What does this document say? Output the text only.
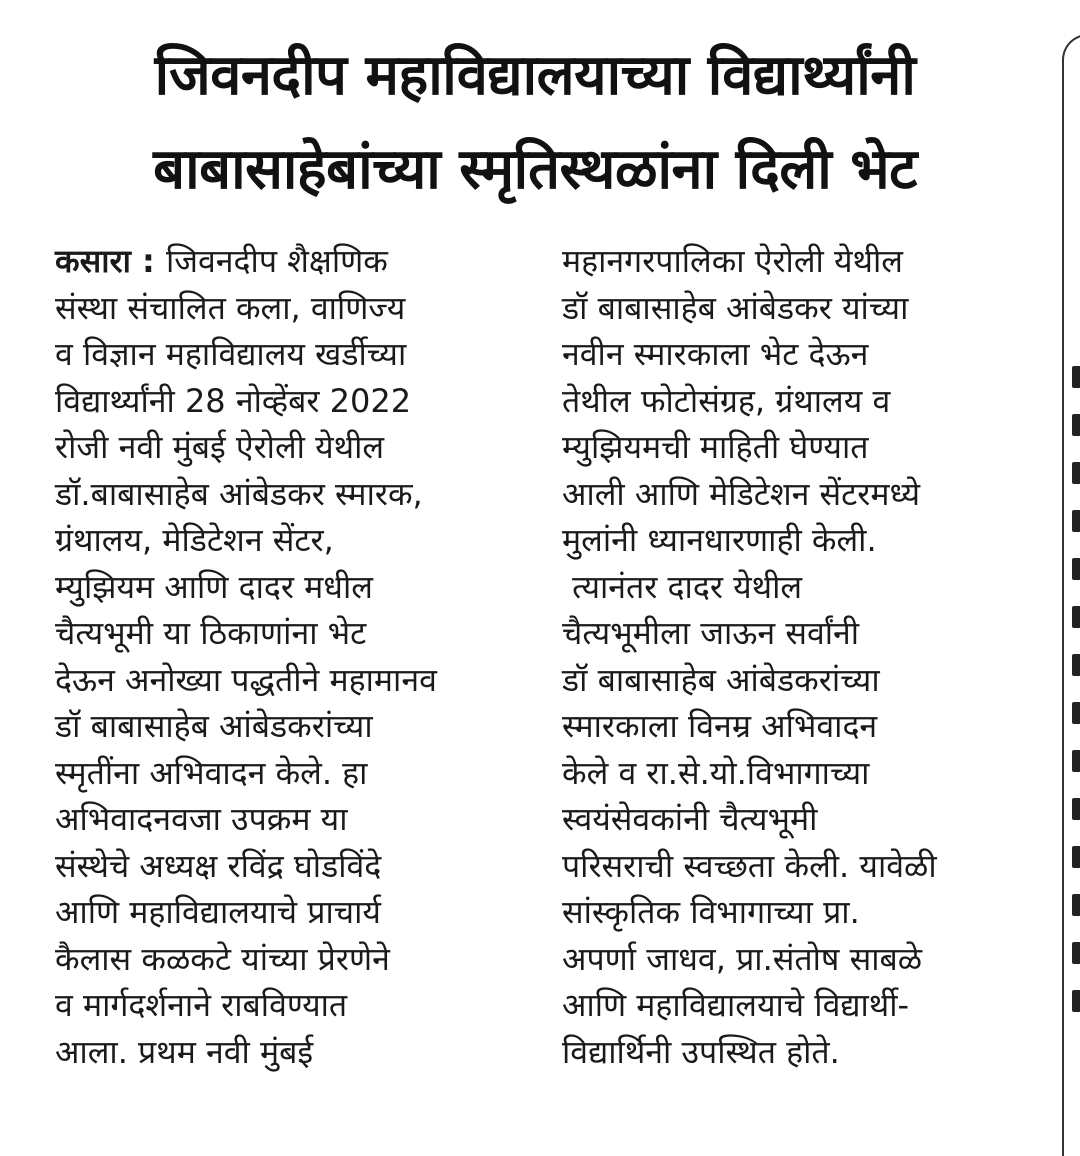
जिवनदीप महाविद्यालयाच्या विद्यार्थ्यांनी
बाबासाहेबांच्या स्मृतिस्थळांना दिली भेट
कसारा : जिवनदीप शैक्षणिक
संस्था संचालित कला, वाणिज्य
व विज्ञान महाविद्यालय खर्डीच्या
विद्यार्थ्यांनी 28 नोव्हेंबर 2022
रोजी नवी मुंबई ऐरोली येथील
डॉ.बाबासाहेब आंबेडकर स्मारक,
ग्रंथालय, मेडिटेशन सेंटर,
म्युझियम आणि दादर मधील
चैत्यभूमी या ठिकाणांना भेट
देऊन अनोख्या पद्धतीने महामानव
डॉ बाबासाहेब आंबेडकरांच्या
स्मृतींना अभिवादन केले. हा
अभिवादनवजा उपक्रम या
संस्थेचे अध्यक्ष रविंद्र घोडविंदे
आणि महाविद्यालयाचे प्राचार्य
कैलास कळकटे यांच्या प्रेरणेने
व मार्गदर्शनाने राबविण्यात
आला. प्रथम नवी मुंबई
महानगरपालिका ऐरोली येथील
डॉ बाबासाहेब आंबेडकर यांच्या
नवीन स्मारकाला भेट देऊन
तेथील फोटोसंग्रह, ग्रंथालय व
म्युझियमची माहिती घेण्यात
आली आणि मेडिटेशन सेंटरमध्ये
मुलांनी ध्यानधारणाही केली.
त्यानंतर दादर येथील
चैत्यभूमीला जाऊन सर्वांनी
डॉ बाबासाहेब आंबेडकरांच्या
स्मारकाला विनम्र अभिवादन
केले व रा.से.यो.विभागाच्या
स्वयंसेवकांनी चैत्यभूमी
परिसराची स्वच्छता केली. यावेळी
सांस्कृतिक विभागाच्या प्रा.
अपर्णा जाधव, प्रा.संतोष साबळे
आणि महाविद्यालयाचे विद्यार्थी-
विद्यार्थिनी उपस्थित होते.
